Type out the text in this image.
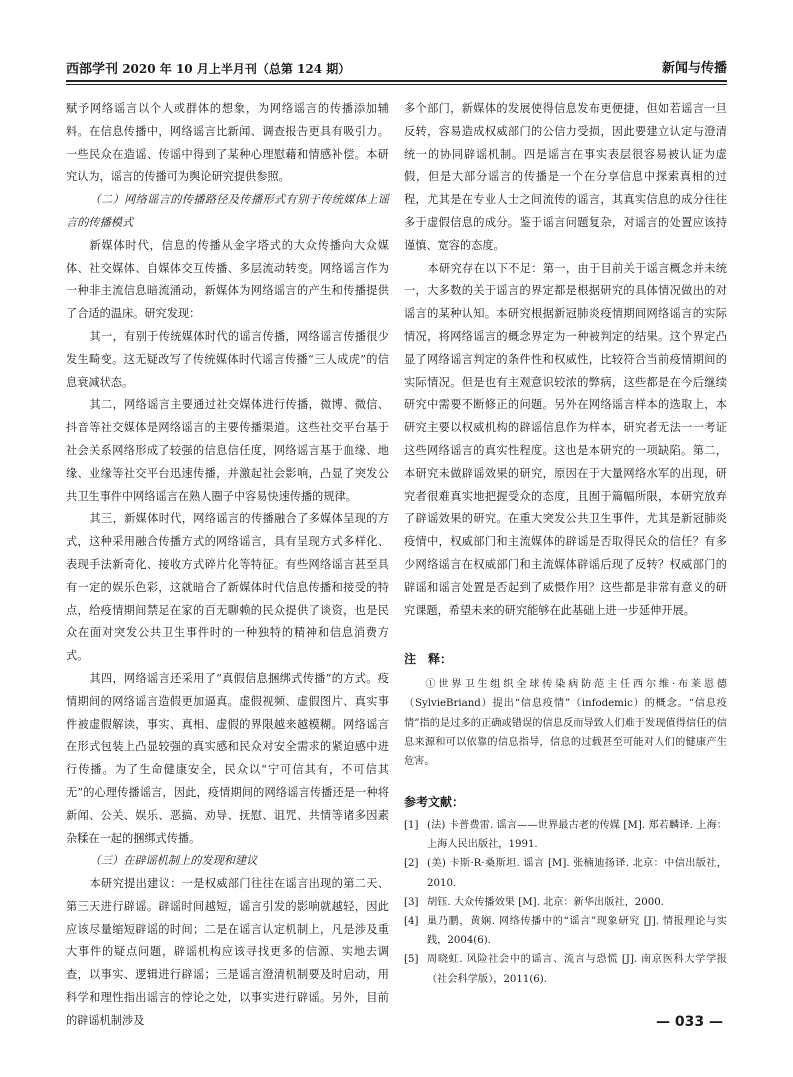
西部学刊 2020 年 10 月上半月刊（总第 124 期）	新闻与传播

赋予网络谣言以个人或群体的想象，为网络谣言的传播添加辅料。在信息传播中，网络谣言比新闻、调查报告更具有吸引力。一些民众在造谣、传谣中得到了某种心理慰藉和情感补偿。本研究认为，谣言的传播可为舆论研究提供参照。

（二）网络谣言的传播路径及传播形式有别于传统媒体上谣言的传播模式

新媒体时代，信息的传播从金字塔式的大众传播向大众媒体、社交媒体、自媒体交互传播、多层流动转变。网络谣言作为一种非主流信息暗流涌动，新媒体为网络谣言的产生和传播提供了合适的温床。研究发现：

其一，有别于传统媒体时代的谣言传播，网络谣言传播很少发生畸变。这无疑改写了传统媒体时代谣言传播“三人成虎”的信息衰减状态。

其二，网络谣言主要通过社交媒体进行传播，微博、微信、抖音等社交媒体是网络谣言的主要传播渠道。这些社交平台基于社会关系网络形成了较强的信息信任度，网络谣言基于血缘、地缘、业缘等社交平台迅速传播，并激起社会影响，凸显了突发公共卫生事件中网络谣言在熟人圈子中容易快速传播的规律。

其三，新媒体时代，网络谣言的传播融合了多媒体呈现的方式，这种采用融合传播方式的网络谣言，具有呈现方式多样化、表现手法新奇化、接收方式碎片化等特征。有些网络谣言甚至具有一定的娱乐色彩，这就暗合了新媒体时代信息传播和接受的特点，给疫情期间禁足在家的百无聊赖的民众提供了谈资，也是民众在面对突发公共卫生事件时的一种独特的精神和信息消费方式。

其四，网络谣言还采用了“真假信息捆绑式传播”的方式。疫情期间的网络谣言造假更加逼真。虚假视频、虚假图片、真实事件被虚假解读，事实、真相、虚假的界限越来越模糊。网络谣言在形式包装上凸显较强的真实感和民众对安全需求的紧迫感中进行传播。为了生命健康安全，民众以“宁可信其有，不可信其无”的心理传播谣言，因此，疫情期间的网络谣言传播还是一种将新闻、公关、娱乐、恶搞、劝导、抚慰、诅咒、共情等诸多因素杂糅在一起的捆绑式传播。

（三）在辟谣机制上的发现和建议

本研究提出建议：一是权威部门往往在谣言出现的第二天、第三天进行辟谣。辟谣时间越短，谣言引发的影响就越轻，因此应该尽量缩短辟谣的时间；二是在谣言认定机制上，凡是涉及重大事件的疑点问题，辟谣机构应该寻找更多的信源、实地去调查，以事实、逻辑进行辟谣；三是谣言澄清机制要及时启动，用科学和理性指出谣言的悖论之处，以事实进行辟谣。另外，目前的辟谣机制涉及

多个部门，新媒体的发展使得信息发布更便捷，但如若谣言一旦反转，容易造成权威部门的公信力受损，因此要建立认定与澄清统一的协同辟谣机制。四是谣言在事实表层很容易被认证为虚假，但是大部分谣言的传播是一个在分享信息中探索真相的过程，尤其是在专业人士之间流传的谣言，其真实信息的成分往往多于虚假信息的成分。鉴于谣言问题复杂，对谣言的处置应该持谨慎、宽容的态度。

本研究存在以下不足：第一，由于目前关于谣言概念并未统一，大多数的关于谣言的界定都是根据研究的具体情况做出的对谣言的某种认知。本研究根据新冠肺炎疫情期间网络谣言的实际情况，将网络谣言的概念界定为一种被判定的结果。这个界定凸显了网络谣言判定的条件性和权威性，比较符合当前疫情期间的实际情况。但是也有主观意识较浓的弊病，这些都是在今后继续研究中需要不断修正的问题。另外在网络谣言样本的选取上，本研究主要以权威机构的辟谣信息作为样本，研究者无法一一考证这些网络谣言的真实性程度。这也是本研究的一项缺陷。第二，本研究未做辟谣效果的研究，原因在于大量网络水军的出现，研究者很难真实地把握受众的态度，且囿于篇幅所限，本研究放弃了辟谣效果的研究。在重大突发公共卫生事件，尤其是新冠肺炎疫情中，权威部门和主流媒体的辟谣是否取得民众的信任？有多少网络谣言在权威部门和主流媒体辟谣后现了反转？权威部门的辟谣和谣言处置是否起到了威慑作用？这些都是非常有意义的研究课题，希望未来的研究能够在此基础上进一步延伸开展。

注　释：

①世界卫生组织全球传染病防范主任西尔维·布莱恩德（SylvieBriand）提出“信息疫情”（infodemic）的概念。“信息疫情”指的是过多的正确或错误的信息反而导致人们难于发现值得信任的信息来源和可以依靠的信息指导，信息的过载甚至可能对人们的健康产生危害。

参考文献：
[1] (法) 卡普费雷. 谣言——世界最古老的传媒 [M]. 郑若麟译. 上海：上海人民出版社，1991.
[2] (美) 卡斯·R·桑斯坦. 谣言 [M]. 张楠迪扬译. 北京：中信出版社，2010.
[3] 胡钰. 大众传播效果 [M]. 北京：新华出版社，2000.
[4] 巢乃鹏，黄娴. 网络传播中的“谣言”现象研究 [J]. 情报理论与实践，2004(6).
[5] 周晓虹. 风险社会中的谣言、流言与恐慌 [J]. 南京医科大学学报（社会科学版），2011(6).
— 033 —
